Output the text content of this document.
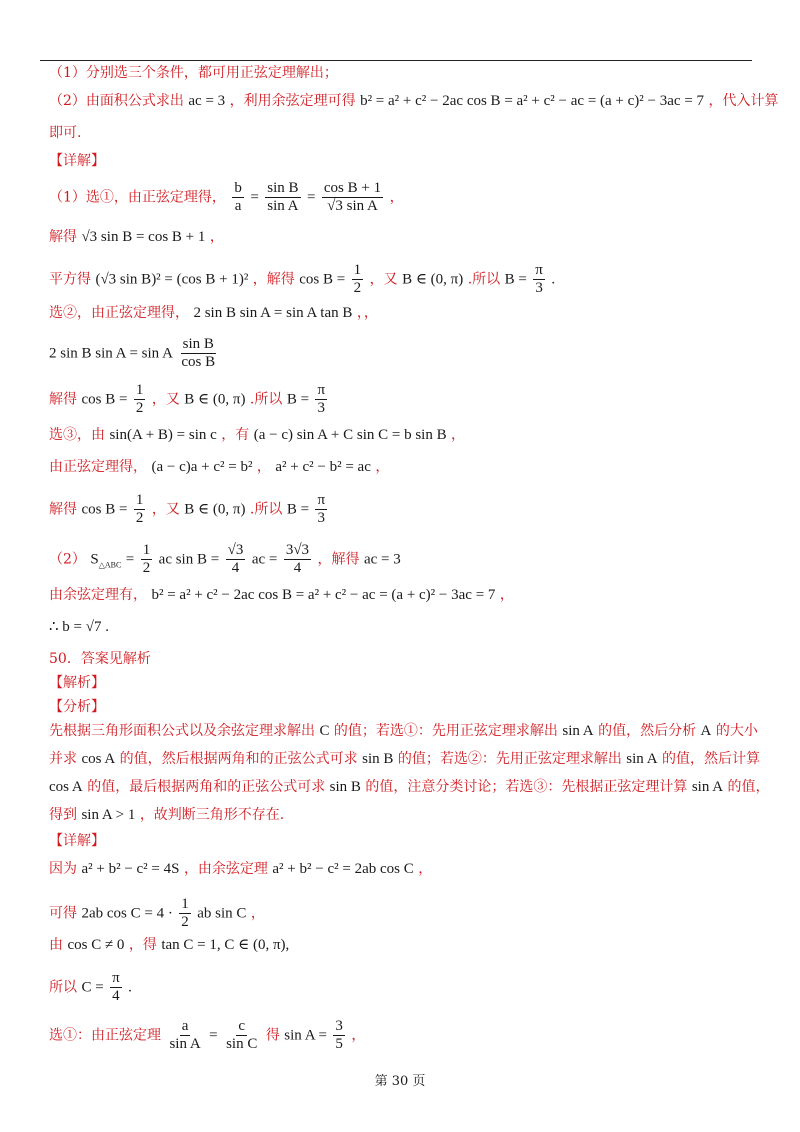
（1）分别选三个条件，都可用正弦定理解出；
（2）由面积公式求出 ac = 3 ，利用余弦定理可得 b² = a² + c² − 2ac cos B = a² + c² − ac = (a + c)² − 3ac = 7 ，代入计算
即可.
【详解】
（1）选①，由正弦定理得， $\frac{b}{a} = \frac{\text{sin B}}{\text{sin A}} = \frac{\text{cos B + 1}}{\text{√3 sin A}}$ ，
解得 √3 sin B = cos B + 1 ，
平方得 (√3 sin B)² = (cos B + 1)² ，解得 $\cos B = \frac{1}{2}$ ，又 B ∈ (0, π) .所以 $B = \frac{\pi}{3}$ .
选②，由正弦定理得， 2 sin B sin A = sin A tan B ，，
2 sin B sin A = sin A $\frac{\text{sin B}}{\text{cos B}}$
解得 $\cos B = \frac{1}{2}$ ，又 B ∈ (0, π) .所以 $B = \frac{\pi}{3}$
选③，由 sin(A + B) = sin c ，有 (a − c) sin A + C sin C = b sin B ，
由正弦定理得， (a − c)a + c² = b² ， a² + c² − b² = ac ，
解得 $\cos B = \frac{1}{2}$ ，又 B ∈ (0, π) .所以 $B = \frac{\pi}{3}$
（2） $S_{\triangle ABC} = \frac{1}{2}$ ac $\sin B = \frac{√3}{4}$ ac = $\frac{3√3}{4}$ ，解得 ac = 3
由余弦定理有， b² = a² + c² − 2ac cos B = a² + c² − ac = (a + c)² − 3ac = 7 ，
∴ b = √7 .
50．答案见解析
【解析】
【分析】
先根据三角形面积公式以及余弦定理求解出 C 的值；若选①：先用正弦定理求解出 sin A 的值，然后分析 A 的大小
并求 cos A 的值，然后根据两角和的正弦公式可求 sin B 的值；若选②：先用正弦定理求解出 sin A 的值，然后计算
cos A 的值，最后根据两角和的正弦公式可求 sin B 的值，注意分类讨论；若选③：先根据正弦定理计算 sin A 的值，
得到 sin A > 1 ，故判断三角形不存在.
【详解】
因为 a² + b² − c² = 4S ，由余弦定理 a² + b² − c² = 2ab cos C ，
可得 2ab $\cos C = 4 \cdot \frac{1}{2}$ ab sin C ，
由 cos C ≠ 0 ，得 tan C = 1, C ∈ (0, π),
所以 $C = \frac{\pi}{4}$ .
选①：由正弦定理 $\frac{a}{\text{sin A}} = \frac{c}{\text{sin C}}$ 得 $\sin A = \frac{3}{5}$ ，
第 30 页
